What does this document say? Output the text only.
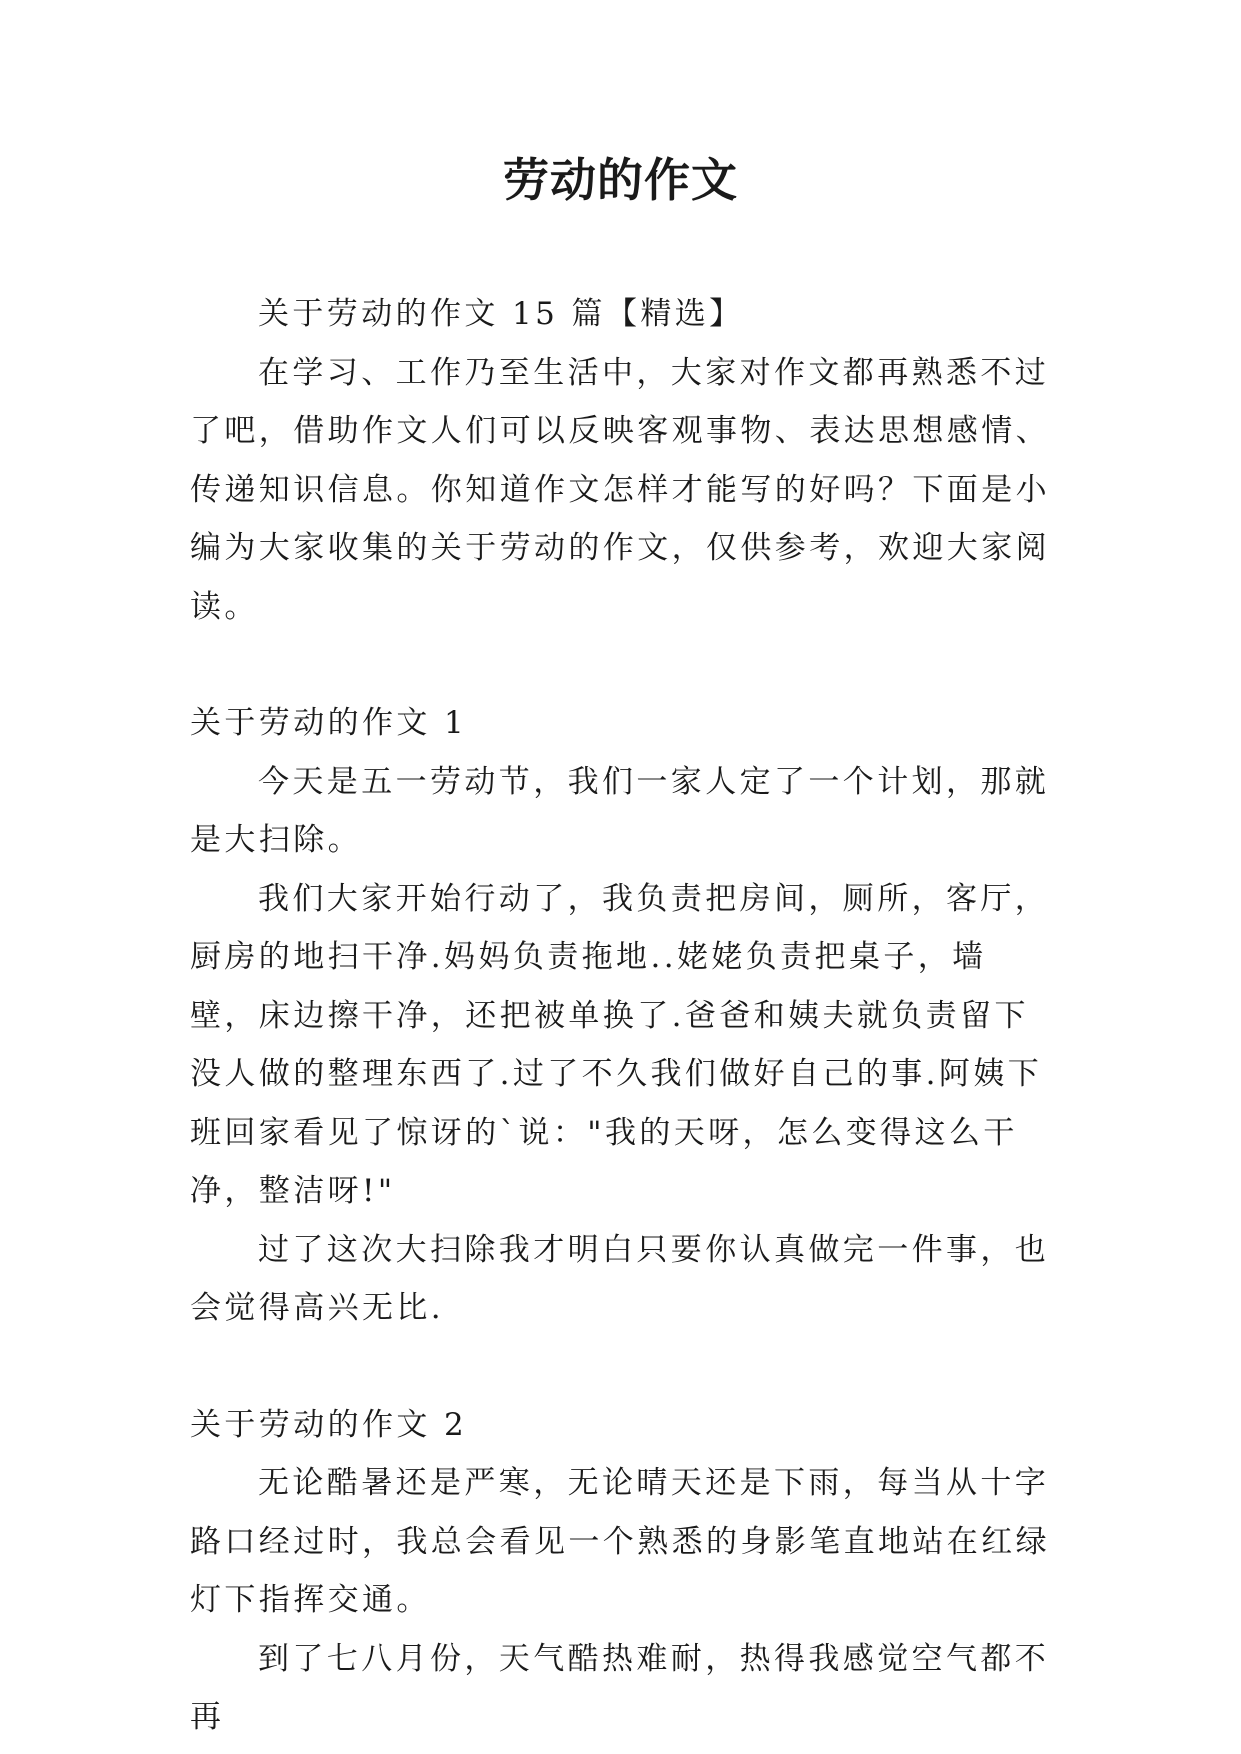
劳动的作文

关于劳动的作文 15 篇【精选】

在学习、工作乃至生活中，大家对作文都再熟悉不过了吧，借助作文人们可以反映客观事物、表达思想感情、传递知识信息。你知道作文怎样才能写的好吗？下面是小编为大家收集的关于劳动的作文，仅供参考，欢迎大家阅读。

关于劳动的作文 1

今天是五一劳动节，我们一家人定了一个计划，那就是大扫除。

我们大家开始行动了，我负责把房间，厕所，客厅，厨房的地扫干净.妈妈负责拖地..姥姥负责把桌子，墙壁，床边擦干净，还把被单换了.爸爸和姨夫就负责留下没人做的整理东西了.过了不久我们做好自己的事.阿姨下班回家看见了惊讶的`说："我的天呀，怎么变得这么干净，整洁呀!"

过了这次大扫除我才明白只要你认真做完一件事，也会觉得高兴无比.

关于劳动的作文 2

无论酷暑还是严寒，无论晴天还是下雨，每当从十字路口经过时，我总会看见一个熟悉的身影笔直地站在红绿灯下指挥交通。

到了七八月份，天气酷热难耐，热得我感觉空气都不再
